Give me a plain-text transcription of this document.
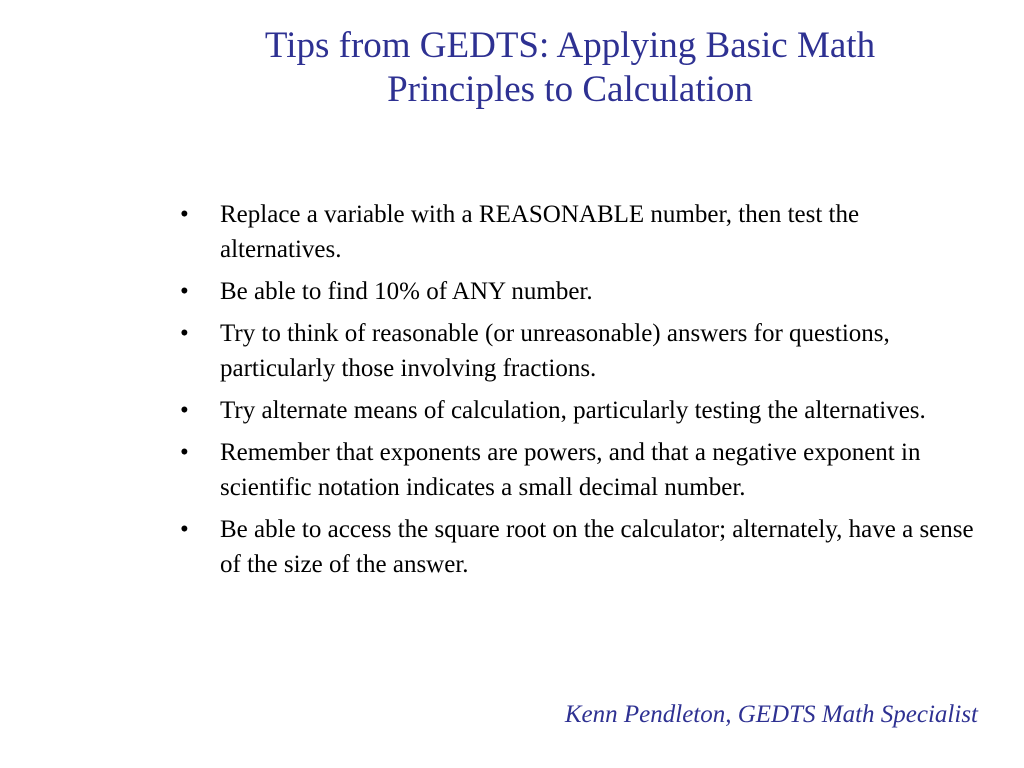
Tips from GEDTS: Applying Basic Math
Principles to Calculation
• Replace a variable with a REASONABLE number, then test the alternatives.
• Be able to find 10% of ANY number.
• Try to think of reasonable (or unreasonable) answers for questions, particularly those involving fractions.
• Try alternate means of calculation, particularly testing the alternatives.
• Remember that exponents are powers, and that a negative exponent in scientific notation indicates a small decimal number.
• Be able to access the square root on the calculator; alternately, have a sense of the size of the answer.

Kenn Pendleton, GEDTS Math Specialist
